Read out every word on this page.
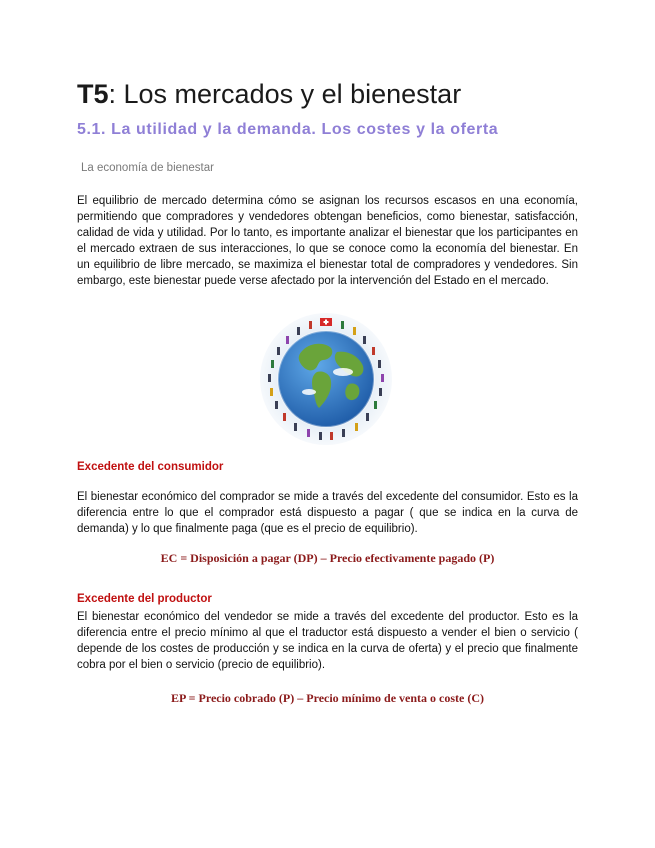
T5: Los mercados y el bienestar
5.1. La utilidad y la demanda. Los costes y la oferta
La economía de bienestar

El equilibrio de mercado determina cómo se asignan los recursos escasos en una economía, permitiendo que compradores y vendedores obtengan beneficios, como bienestar, satisfacción, calidad de vida y utilidad. Por lo tanto, es importante analizar el bienestar que los participantes en el mercado extraen de sus interacciones, lo que se conoce como la economía del bienestar. En un equilibrio de libre mercado, se maximiza el bienestar total de compradores y vendedores. Sin embargo, este bienestar puede verse afectado por la intervención del Estado en el mercado.

Excedente del consumidor

El bienestar económico del comprador se mide a través del excedente del consumidor. Esto es la diferencia entre lo que el comprador está dispuesto a pagar ( que se indica en la curva de demanda) y lo que finalmente paga (que es el precio de equilibrio).

EC = Disposición a pagar (DP) – Precio efectivamente pagado (P)
Excedente del productor

El bienestar económico del vendedor se mide a través del excedente del productor. Esto es la diferencia entre el precio mínimo al que el traductor está dispuesto a vender el bien o servicio ( depende de los costes de producción y se indica en la curva de oferta) y el precio que finalmente cobra por el bien o servicio (precio de equilibrio).

EP = Precio cobrado (P) – Precio mínimo de venta o coste (C)
